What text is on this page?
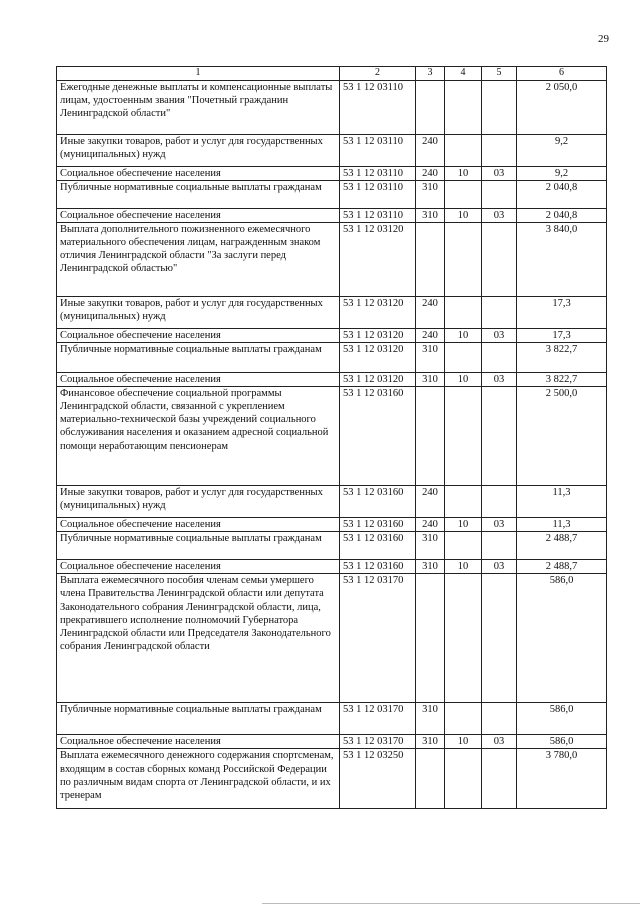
29
1	2	3	4	5	6
Ежегодные денежные выплаты и компенсационные выплаты лицам, удостоенным звания "Почетный гражданин Ленинградской области"	53 1 12 03110				2 050,0
Иные закупки товаров, работ и услуг для государственных (муниципальных) нужд	53 1 12 03110	240			9,2
Социальное обеспечение населения	53 1 12 03110	240	10	03	9,2
Публичные нормативные социальные выплаты гражданам	53 1 12 03110	310			2 040,8
Социальное обеспечение населения	53 1 12 03110	310	10	03	2 040,8
Выплата дополнительного пожизненного ежемесячного материального обеспечения лицам, награжденным знаком отличия Ленинградской области "За заслуги перед Ленинградской областью"	53 1 12 03120				3 840,0
Иные закупки товаров, работ и услуг для государственных (муниципальных) нужд	53 1 12 03120	240			17,3
Социальное обеспечение населения	53 1 12 03120	240	10	03	17,3
Публичные нормативные социальные выплаты гражданам	53 1 12 03120	310			3 822,7
Социальное обеспечение населения	53 1 12 03120	310	10	03	3 822,7
Финансовое обеспечение социальной программы Ленинградской области, связанной с укреплением материально-технической базы учреждений социального обслуживания населения и оказанием адресной социальной помощи неработающим пенсионерам	53 1 12 03160				2 500,0
Иные закупки товаров, работ и услуг для государственных (муниципальных) нужд	53 1 12 03160	240			11,3
Социальное обеспечение населения	53 1 12 03160	240	10	03	11,3
Публичные нормативные социальные выплаты гражданам	53 1 12 03160	310			2 488,7
Социальное обеспечение населения	53 1 12 03160	310	10	03	2 488,7
Выплата ежемесячного пособия членам семьи умершего члена Правительства Ленинградской области или депутата Законодательного собрания Ленинградской области, лица, прекратившего исполнение полномочий Губернатора Ленинградской области или Председателя Законодательного собрания Ленинградской области	53 1 12 03170				586,0
Публичные нормативные социальные выплаты гражданам	53 1 12 03170	310			586,0
Социальное обеспечение населения	53 1 12 03170	310	10	03	586,0
Выплата ежемесячного денежного содержания спортсменам, входящим в состав сборных команд Российской Федерации по различным видам спорта от Ленинградской области, и их тренерам	53 1 12 03250				3 780,0
